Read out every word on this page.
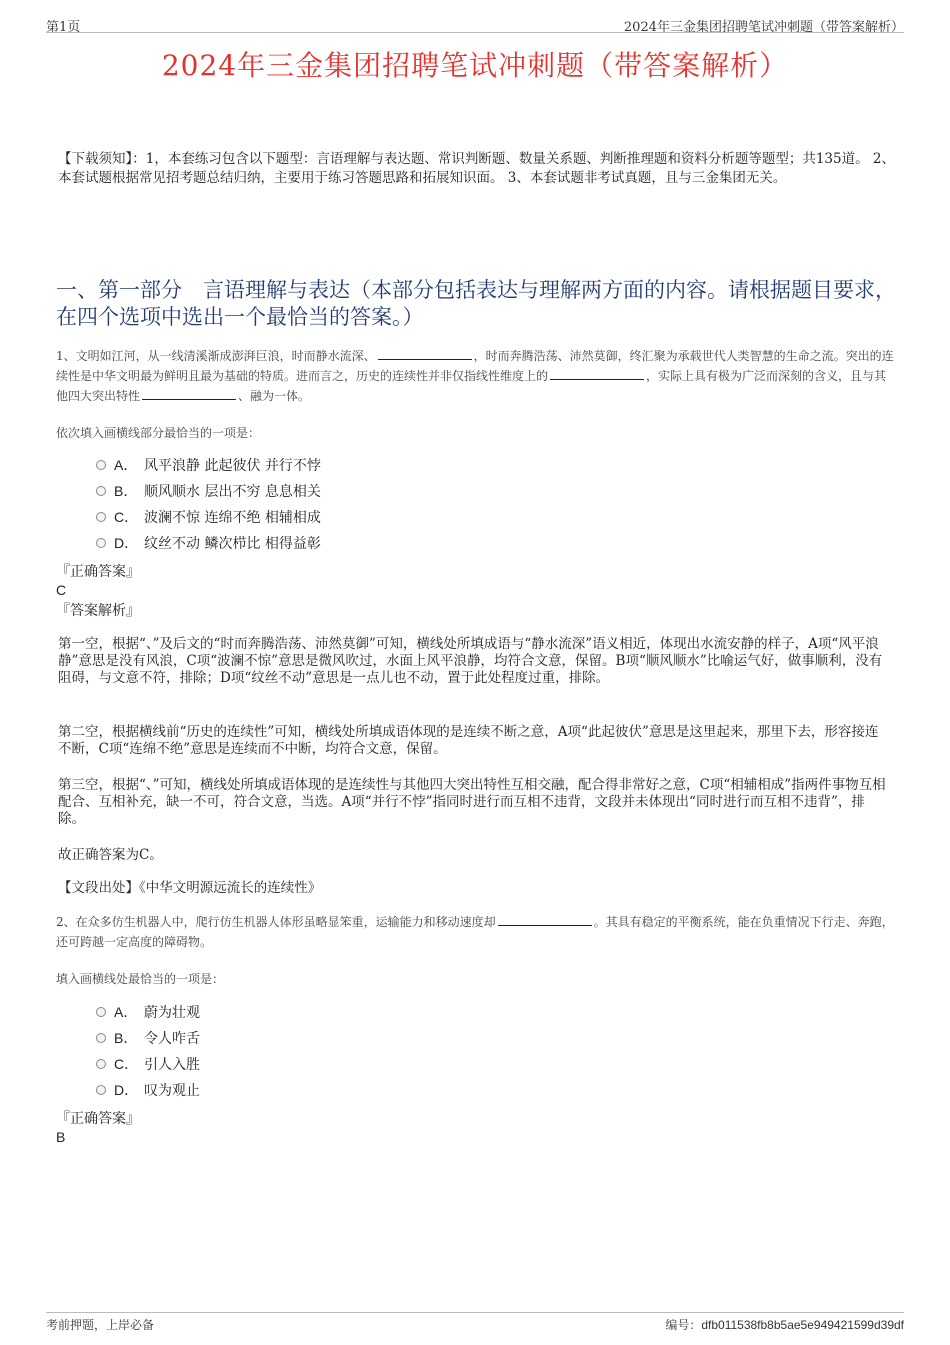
第1页	2024年三金集团招聘笔试冲刺题（带答案解析）
2024年三金集团招聘笔试冲刺题（带答案解析）
【下载须知】：1，本套练习包含以下题型：言语理解与表达题、常识判断题、数量关系题、判断推理题和资料分析题等题型；共135道。 2、本套试题根据常见招考题总结归纳，主要用于练习答题思路和拓展知识面。 3、本套试题非考试真题，且与三金集团无关。
一、第一部分　言语理解与表达（本部分包括表达与理解两方面的内容。请根据题目要求，在四个选项中选出一个最恰当的答案。）
1、文明如江河，从一线清溪渐成澎湃巨浪，时而静水流深、	，时而奔腾浩荡、沛然莫御，终汇聚为承载世代人类智慧的生命之流。突出的连续性是中华文明最为鲜明且最为基础的特质。进而言之，历史的连续性并非仅指线性维度上的	，实际上具有极为广泛而深刻的含义，且与其他四大突出特性	、融为一体。
依次填入画横线部分最恰当的一项是：
A． 风平浪静 此起彼伏 并行不悖
B． 顺风顺水 层出不穷 息息相关
C． 波澜不惊 连绵不绝 相辅相成
D． 纹丝不动 鳞次栉比 相得益彰
『正确答案』
C
『答案解析』
第一空，根据“、”及后文的“时而奔腾浩荡、沛然莫御”可知，横线处所填成语与“静水流深”语义相近，体现出水流安静的样子，A项“风平浪静”意思是没有风浪，C项“波澜不惊”意思是微风吹过，水面上风平浪静，均符合文意，保留。B项“顺风顺水”比喻运气好，做事顺利，没有阻碍，与文意不符，排除；D项“纹丝不动”意思是一点儿也不动，置于此处程度过重，排除。
第二空，根据横线前“历史的连续性”可知，横线处所填成语体现的是连续不断之意，A项“此起彼伏”意思是这里起来，那里下去，形容接连不断，C项“连绵不绝”意思是连续而不中断，均符合文意，保留。
第三空，根据“、”可知，横线处所填成语体现的是连续性与其他四大突出特性互相交融，配合得非常好之意，C项“相辅相成”指两件事物互相配合、互相补充，缺一不可，符合文意，当选。A项“并行不悖”指同时进行而互相不违背，文段并未体现出“同时进行而互相不违背”，排除。
故正确答案为C。
【文段出处】《中华文明源远流长的连续性》
2、在众多仿生机器人中，爬行仿生机器人体形虽略显笨重，运输能力和移动速度却	。其具有稳定的平衡系统，能在负重情况下行走、奔跑，还可跨越一定高度的障碍物。
填入画横线处最恰当的一项是：
A． 蔚为壮观
B． 令人咋舌
C． 引人入胜
D． 叹为观止
『正确答案』
B
考前押题，上岸必备	编号：dfb011538fb8b5ae5e949421599d39df
